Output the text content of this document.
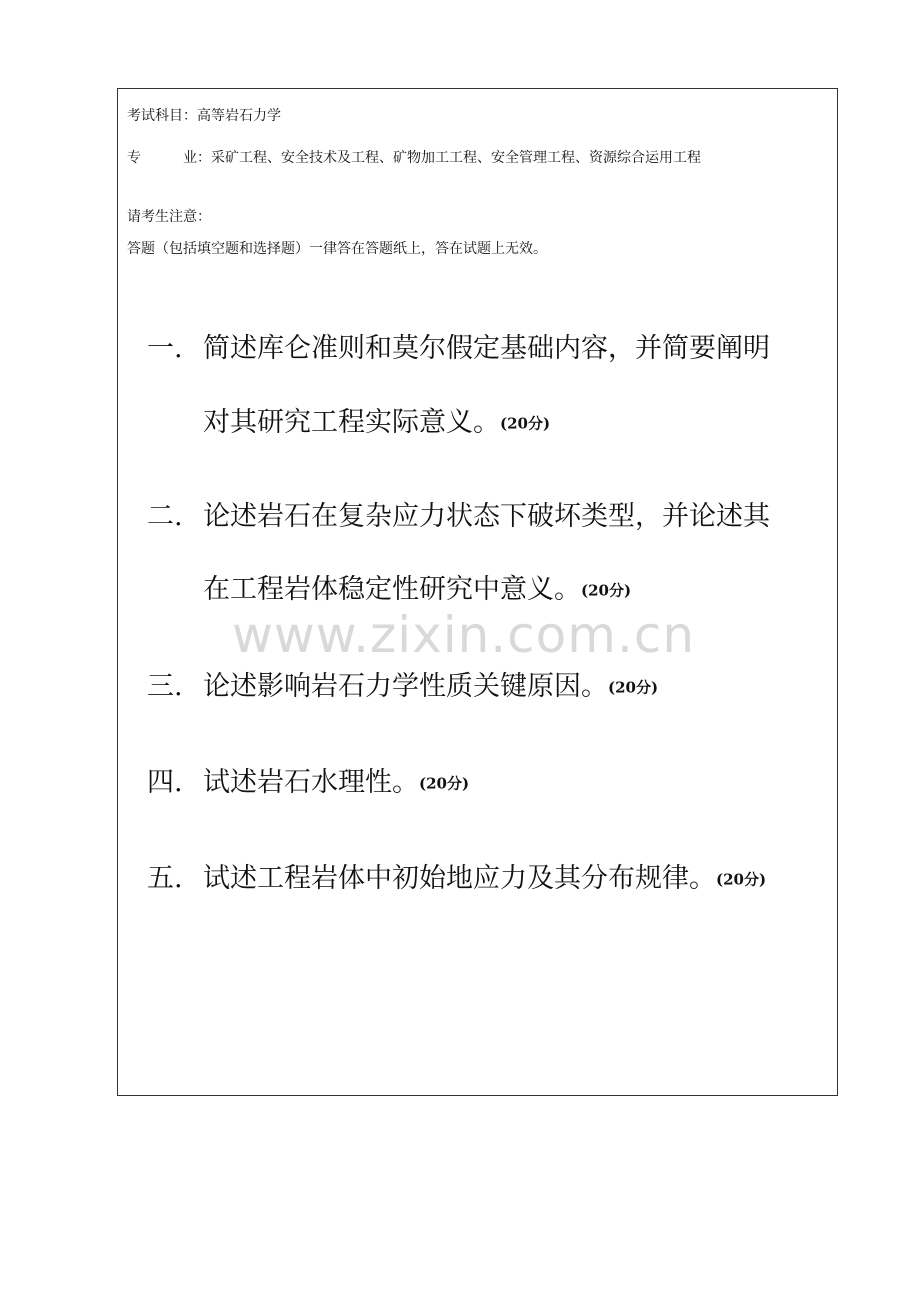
考试科目：高等岩石力学
专	业：采矿工程、安全技术及工程、矿物加工工程、安全管理工程、资源综合运用工程
请考生注意：
答题（包括填空题和选择题）一律答在答题纸上，答在试题上无效。
一. 简述库仑准则和莫尔假定基础内容，并简要阐明
对其研究工程实际意义。(20分)
二. 论述岩石在复杂应力状态下破坏类型，并论述其
在工程岩体稳定性研究中意义。(20分)
三. 论述影响岩石力学性质关键原因。(20分)
四. 试述岩石水理性。(20分)
五. 试述工程岩体中初始地应力及其分布规律。(20分)
www.zixin.com.cn
